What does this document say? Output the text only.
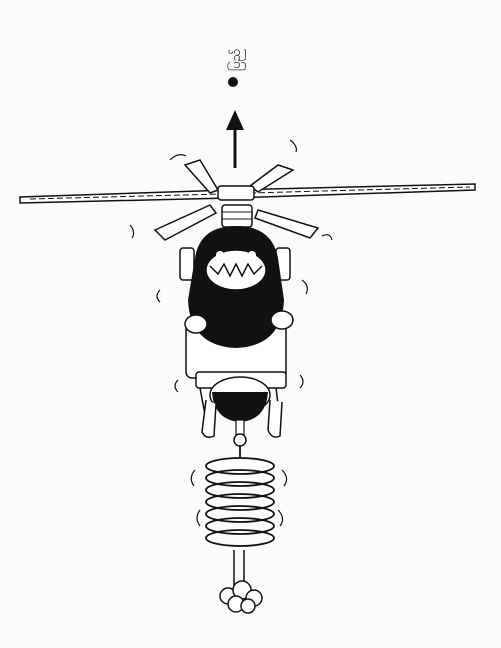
ပြည်
